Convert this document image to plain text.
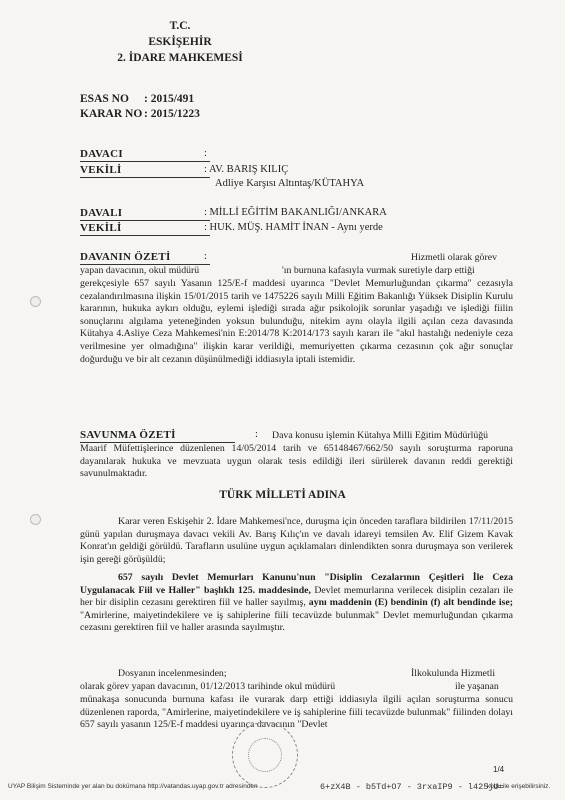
T.C.
ESKİŞEHİR
2. İDARE MAHKEMESİ
ESAS NO : 2015/491
KARAR NO : 2015/1223
DAVACI	:
VEKİLİ	: AV. BARIŞ KILIÇ
Adliye Karşısı Altıntaş/KÜTAHYA
DAVALI	: MİLLİ EĞİTİM BAKANLIĞI/ANKARA
VEKİLİ	: HUK. MÜŞ. HAMİT İNAN - Aynı yerde
DAVANIN ÖZETİ	:	Hizmetli olarak görev
yapan davacının, okul müdürü	'ın burnuna kafasıyla vurmak suretiyle darp ettiği

gerekçesiyle 657 sayılı Yasanın 125/E-f maddesi uyarınca "Devlet Memurluğundan çıkarma" cezasıyla cezalandırılmasına ilişkin 15/01/2015 tarih ve 1475226 sayılı Milli Eğitim Bakanlığı Yüksek Disiplin Kurulu kararının, hukuka aykırı olduğu, eylemi işlediği sırada ağır psikolojik sorunlar yaşadığı ve işlediği fiilin sonuçlarını algılama yeteneğinden yoksun bulunduğu, nitekim aynı olayla ilgili açılan ceza davasında Kütahya 4.Asliye Ceza Mahkemesi'nin E:2014/78 K:2014/173 sayılı kararı ile "akıl hastalığı nedeniyle ceza verilmesine yer olmadığına" ilişkin karar verildiği, memuriyetten çıkarma cezasının çok ağır sonuçlar doğurduğu ve bir alt cezanın düşünülmediği iddiasıyla iptali istemidir.

SAVUNMA ÖZETİ	: Dava konusu işlemin Kütahya Milli Eğitim Müdürlüğü

Maarif Müfettişlerince düzenlenen 14/05/2014 tarih ve 65148467/662/50 sayılı soruşturma raporuna dayanılarak hukuka ve mevzuata uygun olarak tesis edildiği ileri sürülerek davanın reddi gerektiği savunulmaktadır.

TÜRK MİLLETİ ADINA

Karar veren Eskişehir 2. İdare Mahkemesi'nce, duruşma için önceden taraflara bildirilen 17/11/2015 günü yapılan duruşmaya davacı vekili Av. Barış Kılıç'ın ve davalı idareyi temsilen Av. Elif Gizem Kavak Konrat'ın geldiği görüldü. Tarafların usulüne uygun açıklamaları dinlendikten sonra duruşmaya son verilerek işin gereği görüşüldü;

657 sayılı Devlet Memurları Kanunu'nun "Disiplin Cezalarının Çeşitleri İle Ceza Uygulanacak Fiil ve Haller" başlıklı 125. maddesinde, Devlet memurlarına verilecek disiplin cezaları ile her bir disiplin cezasını gerektiren fiil ve haller sayılmış, aynı maddenin (E) bendinin (f) alt bendinde ise; "Amirlerine, maiyetindekilere ve iş sahiplerine fiili tecavüzde bulunmak" Devlet memurluğundan çıkarma cezasını gerektiren fiil ve haller arasında sayılmıştır.

Dosyanın incelenmesinden;	İlkokulunda Hizmetli
olarak görev yapan davacının, 01/12/2013 tarihinde okul müdürü	ile yaşanan

münakaşa sonucunda burnuna kafası ile vurarak darp ettiği iddiasıyla ilgili açılan soruşturma sonucu düzenlenen raporda, "Amirlerine, maiyetindekilere ve iş sahiplerine fiili tecavüzde bulunmak" fiilinden dolayı 657 sayılı yasanın 125/E-f maddesi uyarınca davacının "Devlet

1/4
UYAP Bilişim Sisteminde yer alan bu dokümana http://vatandas.uyap.gov.tr adresinden	6+zX4B - b5Td+O7 - 3rxaIP9 - l425jU=
kodu ile erişebilirsiniz.
